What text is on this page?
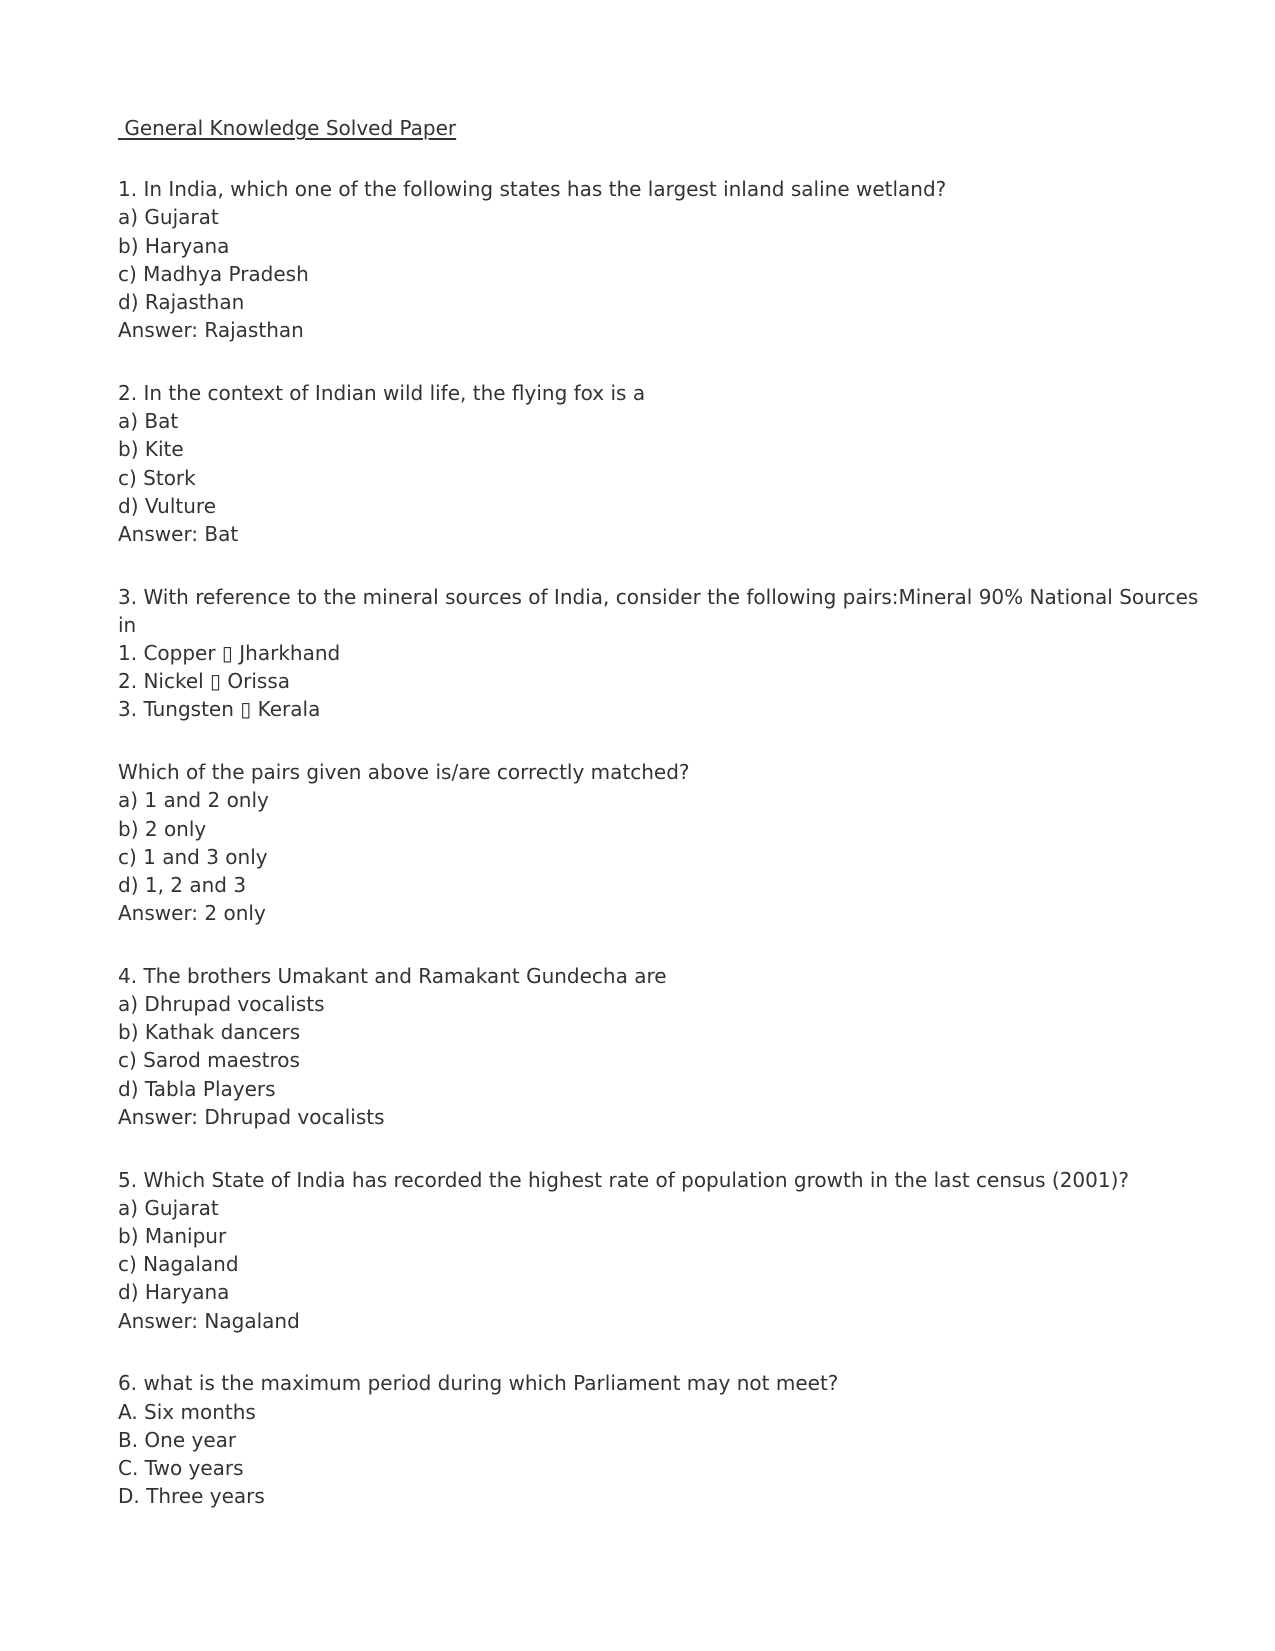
General Knowledge Solved Paper
1. In India, which one of the following states has the largest inland saline wetland?
a) Gujarat
b) Haryana
c) Madhya Pradesh
d) Rajasthan
Answer: Rajasthan
2. In the context of Indian wild life, the flying fox is a
a) Bat
b) Kite
c) Stork
d) Vulture
Answer: Bat
3. With reference to the mineral sources of India, consider the following pairs:Mineral 90% National Sources in
1. Copper ▯ Jharkhand
2. Nickel ▯ Orissa
3. Tungsten ▯ Kerala
Which of the pairs given above is/are correctly matched?
a) 1 and 2 only
b) 2 only
c) 1 and 3 only
d) 1, 2 and 3
Answer: 2 only
4. The brothers Umakant and Ramakant Gundecha are
a) Dhrupad vocalists
b) Kathak dancers
c) Sarod maestros
d) Tabla Players
Answer: Dhrupad vocalists
5. Which State of India has recorded the highest rate of population growth in the last census (2001)?
a) Gujarat
b) Manipur
c) Nagaland
d) Haryana
Answer: Nagaland
6. what is the maximum period during which Parliament may not meet?
A. Six months
B. One year
C. Two years
D. Three years
